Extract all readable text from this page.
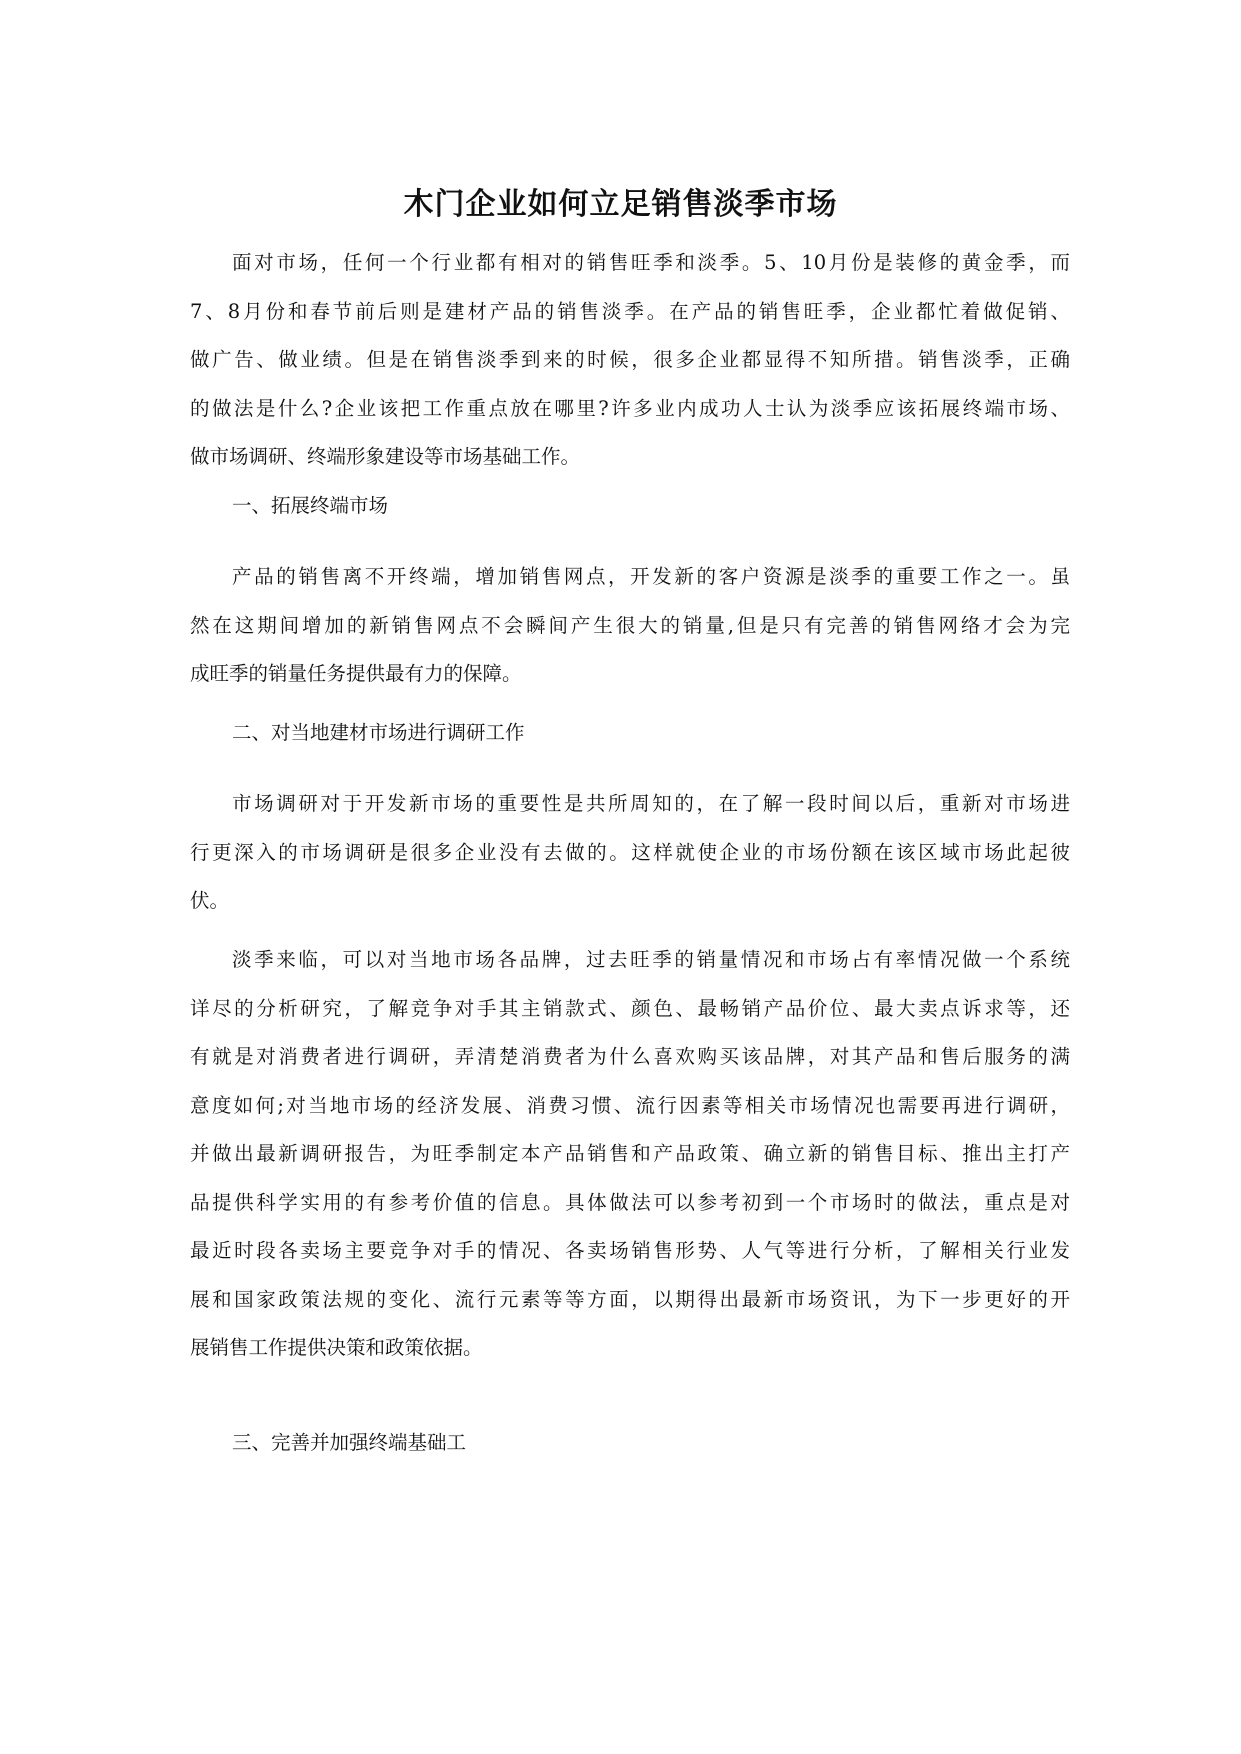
木门企业如何立足销售淡季市场

面对市场，任何一个行业都有相对的销售旺季和淡季。5、10月份是装修的黄金季，而
7、8月份和春节前后则是建材产品的销售淡季。在产品的销售旺季，企业都忙着做促销、
做广告、做业绩。但是在销售淡季到来的时候，很多企业都显得不知所措。销售淡季，正确
的做法是什么?企业该把工作重点放在哪里?许多业内成功人士认为淡季应该拓展终端市场、
做市场调研、终端形象建设等市场基础工作。

一、拓展终端市场

产品的销售离不开终端，增加销售网点，开发新的客户资源是淡季的重要工作之一。虽
然在这期间增加的新销售网点不会瞬间产生很大的销量,但是只有完善的销售网络才会为完
成旺季的销量任务提供最有力的保障。

二、对当地建材市场进行调研工作

市场调研对于开发新市场的重要性是共所周知的，在了解一段时间以后，重新对市场进
行更深入的市场调研是很多企业没有去做的。这样就使企业的市场份额在该区域市场此起彼
伏。

淡季来临，可以对当地市场各品牌，过去旺季的销量情况和市场占有率情况做一个系统
详尽的分析研究，了解竞争对手其主销款式、颜色、最畅销产品价位、最大卖点诉求等，还
有就是对消费者进行调研，弄清楚消费者为什么喜欢购买该品牌，对其产品和售后服务的满
意度如何;对当地市场的经济发展、消费习惯、流行因素等相关市场情况也需要再进行调研，
并做出最新调研报告，为旺季制定本产品销售和产品政策、确立新的销售目标、推出主打产
品提供科学实用的有参考价值的信息。具体做法可以参考初到一个市场时的做法，重点是对
最近时段各卖场主要竞争对手的情况、各卖场销售形势、人气等进行分析，了解相关行业发
展和国家政策法规的变化、流行元素等等方面，以期得出最新市场资讯，为下一步更好的开
展销售工作提供决策和政策依据。

三、完善并加强终端基础工
